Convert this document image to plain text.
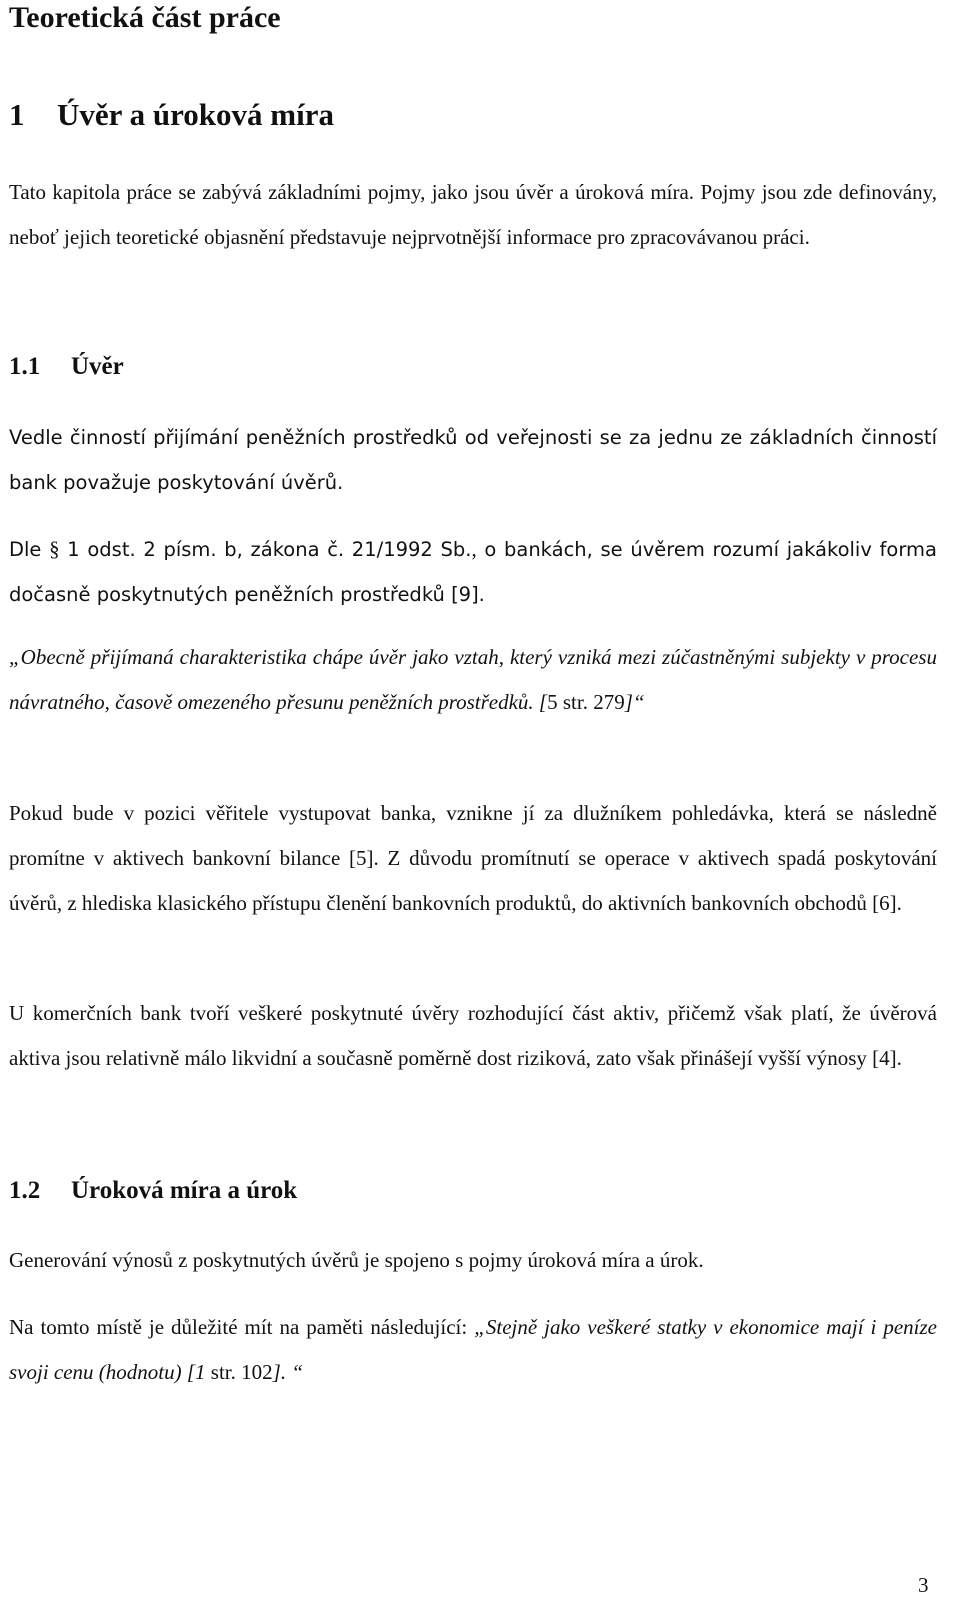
Teoretická část práce
1 Úvěr a úroková míra

Tato kapitola práce se zabývá základními pojmy, jako jsou úvěr a úroková míra. Pojmy jsou zde definovány, neboť jejich teoretické objasnění představuje nejprvotnější informace pro zpracovávanou práci.

1.1 Úvěr

Vedle činností přijímání peněžních prostředků od veřejnosti se za jednu ze základních činností bank považuje poskytování úvěrů.

Dle § 1 odst. 2 písm. b, zákona č. 21/1992 Sb., o bankách, se úvěrem rozumí jakákoliv forma dočasně poskytnutých peněžních prostředků [9].

„Obecně přijímaná charakteristika chápe úvěr jako vztah, který vzniká mezi zúčastněnými subjekty v procesu návratného, časově omezeného přesunu peněžních prostředků. [5 str. 279]“

Pokud bude v pozici věřitele vystupovat banka, vznikne jí za dlužníkem pohledávka, která se následně promítne v aktivech bankovní bilance [5]. Z důvodu promítnutí se operace v aktivech spadá poskytování úvěrů, z hlediska klasického přístupu členění bankovních produktů, do aktivních bankovních obchodů [6].

U komerčních bank tvoří veškeré poskytnuté úvěry rozhodující část aktiv, přičemž však platí, že úvěrová aktiva jsou relativně málo likvidní a současně poměrně dost riziková, zato však přinášejí vyšší výnosy [4].

1.2 Úroková míra a úrok

Generování výnosů z poskytnutých úvěrů je spojeno s pojmy úroková míra a úrok.

Na tomto místě je důležité mít na paměti následující: „Stejně jako veškeré statky v ekonomice mají i peníze svoji cenu (hodnotu) [1 str. 102]. “

3
